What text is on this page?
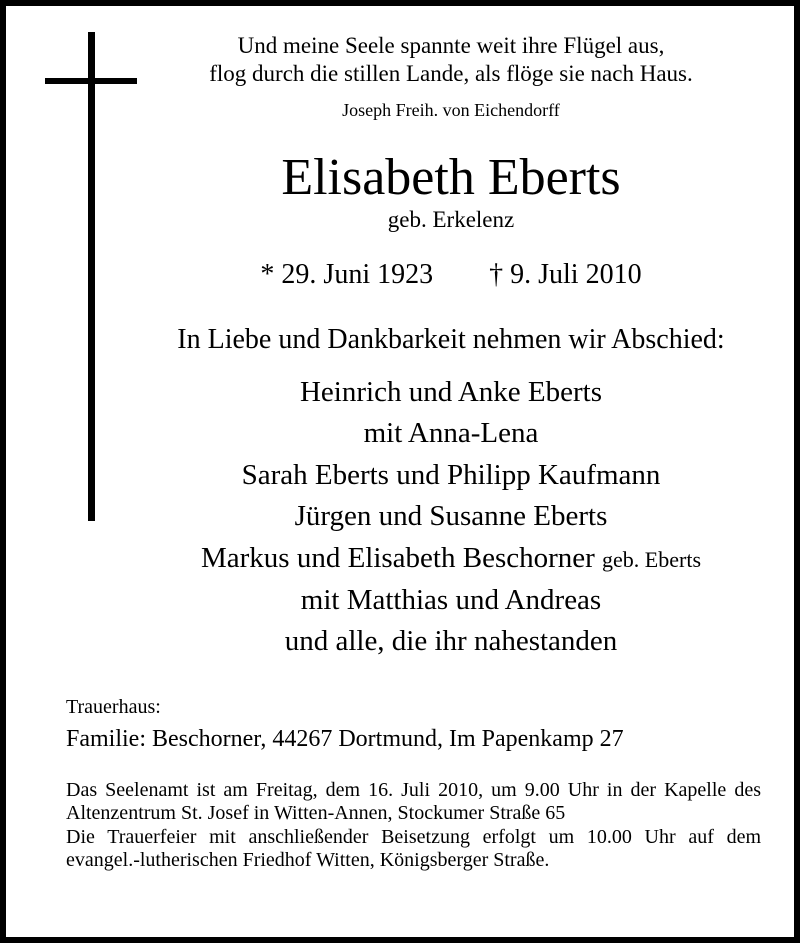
Und meine Seele spannte weit ihre Flügel aus,
flog durch die stillen Lande, als flöge sie nach Haus.
Joseph Freih. von Eichendorff
Elisabeth Eberts
geb. Erkelenz
* 29. Juni 1923 † 9. Juli 2010
In Liebe und Dankbarkeit nehmen wir Abschied:
Heinrich und Anke Eberts
mit Anna-Lena
Sarah Eberts und Philipp Kaufmann
Jürgen und Susanne Eberts
Markus und Elisabeth Beschorner geb. Eberts
mit Matthias und Andreas
und alle, die ihr nahestanden
Trauerhaus:
Familie: Beschorner, 44267 Dortmund, Im Papenkamp 27

Das Seelenamt ist am Freitag, dem 16. Juli 2010, um 9.00 Uhr in der Kapelle des Altenzentrum St. Josef in Witten-Annen, Stockumer Straße 65

Die Trauerfeier mit anschließender Beisetzung erfolgt um 10.00 Uhr auf dem evangel.-lutherischen Friedhof Witten, Königsberger Straße.
